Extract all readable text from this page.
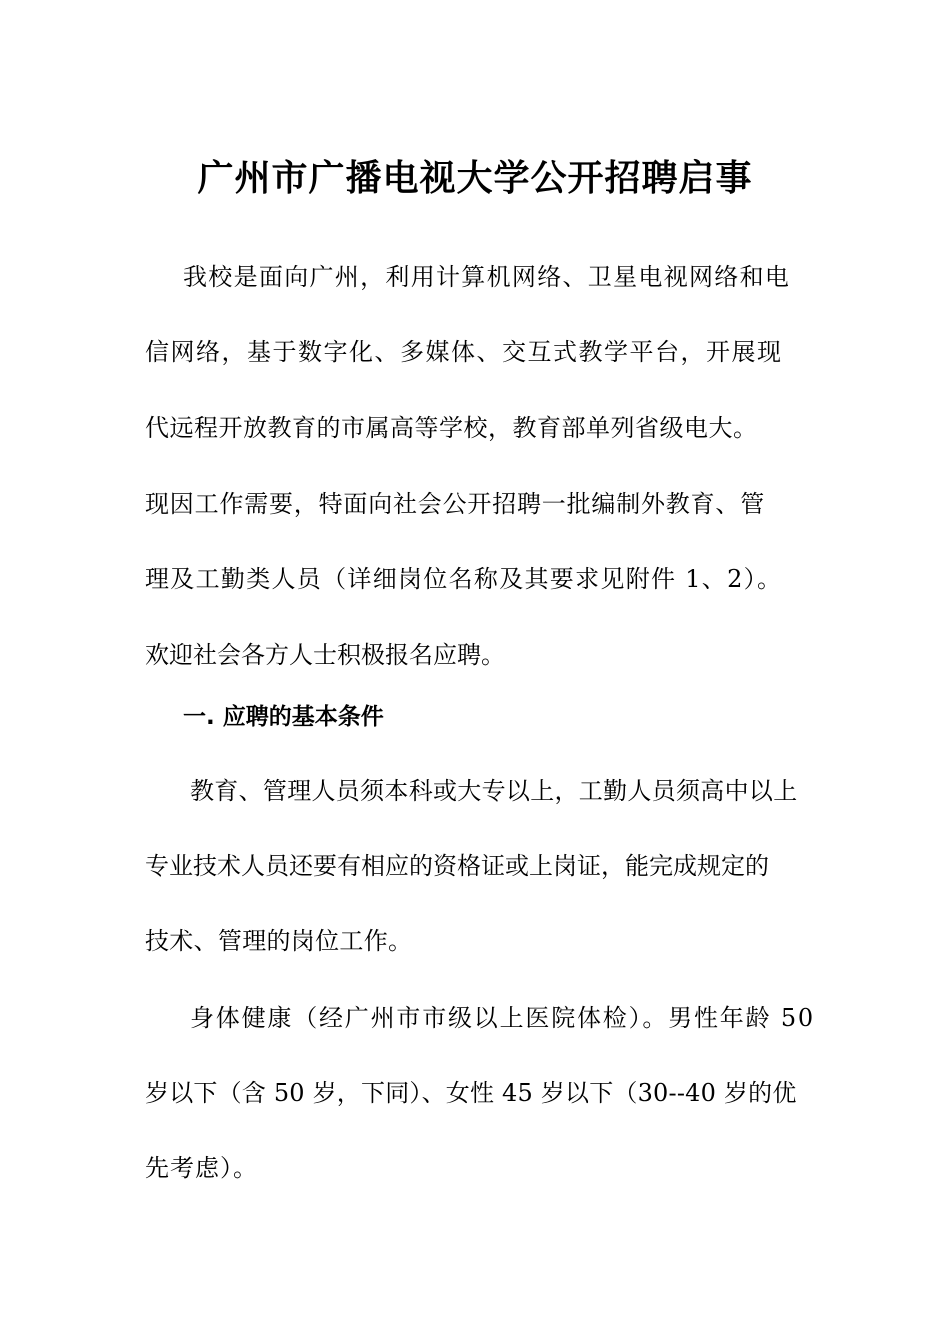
广州市广播电视大学公开招聘启事
我校是面向广州，利用计算机网络、卫星电视网络和电
信网络，基于数字化、多媒体、交互式教学平台，开展现
代远程开放教育的市属高等学校，教育部单列省级电大。
现因工作需要，特面向社会公开招聘一批编制外教育、管
理及工勤类人员（详细岗位名称及其要求见附件 1、2）。
欢迎社会各方人士积极报名应聘。
一. 应聘的基本条件
教育、管理人员须本科或大专以上，工勤人员须高中以上
专业技术人员还要有相应的资格证或上岗证，能完成规定的
技术、管理的岗位工作。
身体健康（经广州市市级以上医院体检）。男性年龄 50
岁以下（含 50 岁，下同）、女性 45 岁以下（30--40 岁的优
先考虑）。
